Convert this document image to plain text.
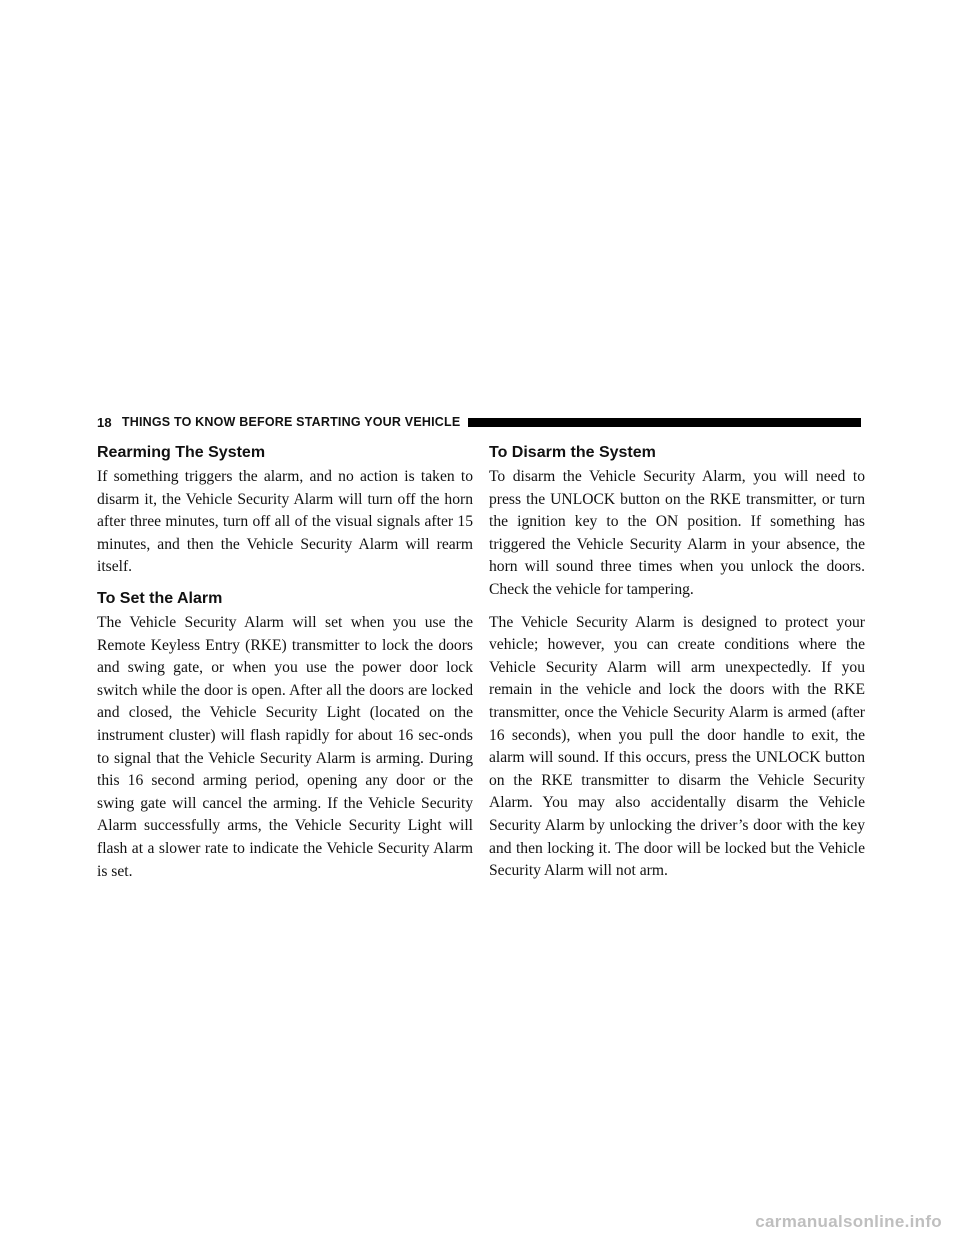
18 THINGS TO KNOW BEFORE STARTING YOUR VEHICLE
Rearming The System

If something triggers the alarm, and no action is taken to disarm it, the Vehicle Security Alarm will turn off the horn after three minutes, turn off all of the visual signals after 15 minutes, and then the Vehicle Security Alarm will rearm itself.

To Set the Alarm

The Vehicle Security Alarm will set when you use the Remote Keyless Entry (RKE) transmitter to lock the doors and swing gate, or when you use the power door lock switch while the door is open. After all the doors are locked and closed, the Vehicle Security Light (located on the instrument cluster) will flash rapidly for about 16 sec-onds to signal that the Vehicle Security Alarm is arming. During this 16 second arming period, opening any door or the swing gate will cancel the arming. If the Vehicle Security Alarm successfully arms, the Vehicle Security Light will flash at a slower rate to indicate the Vehicle Security Alarm is set.

To Disarm the System

To disarm the Vehicle Security Alarm, you will need to press the UNLOCK button on the RKE transmitter, or turn the ignition key to the ON position. If something has triggered the Vehicle Security Alarm in your absence, the horn will sound three times when you unlock the doors. Check the vehicle for tampering.

The Vehicle Security Alarm is designed to protect your vehicle; however, you can create conditions where the Vehicle Security Alarm will arm unexpectedly. If you remain in the vehicle and lock the doors with the RKE transmitter, once the Vehicle Security Alarm is armed (after 16 seconds), when you pull the door handle to exit, the alarm will sound. If this occurs, press the UNLOCK button on the RKE transmitter to disarm the Vehicle Security Alarm. You may also accidentally disarm the Vehicle Security Alarm by unlocking the driver’s door with the key and then locking it. The door will be locked but the Vehicle Security Alarm will not arm.

carmanualsonline.info
